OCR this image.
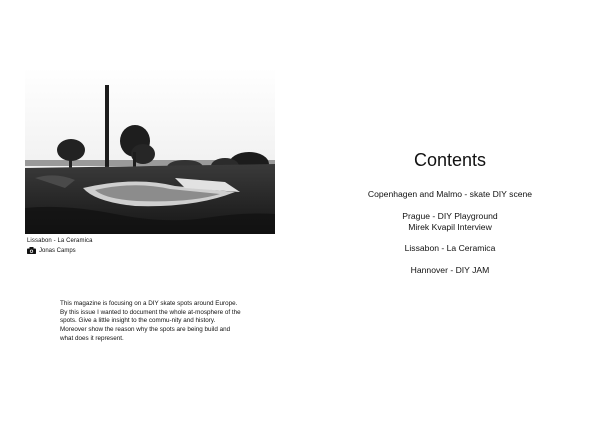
Lissabon - La Ceramica
Jonas Camps

This magazine is focusing on a DIY skate spots around Europe. By this issue I wanted to document the whole at-mosphere of the spots. Give a little insight to the commu-nity and history. Moreover show the reason why the spots are being build and what does it represent.

Contents
Copenhagen and Malmo - skate DIY scene
Prague - DIY Playground
Mirek Kvapil Interview
Lissabon - La Ceramica
Hannover - DIY JAM
